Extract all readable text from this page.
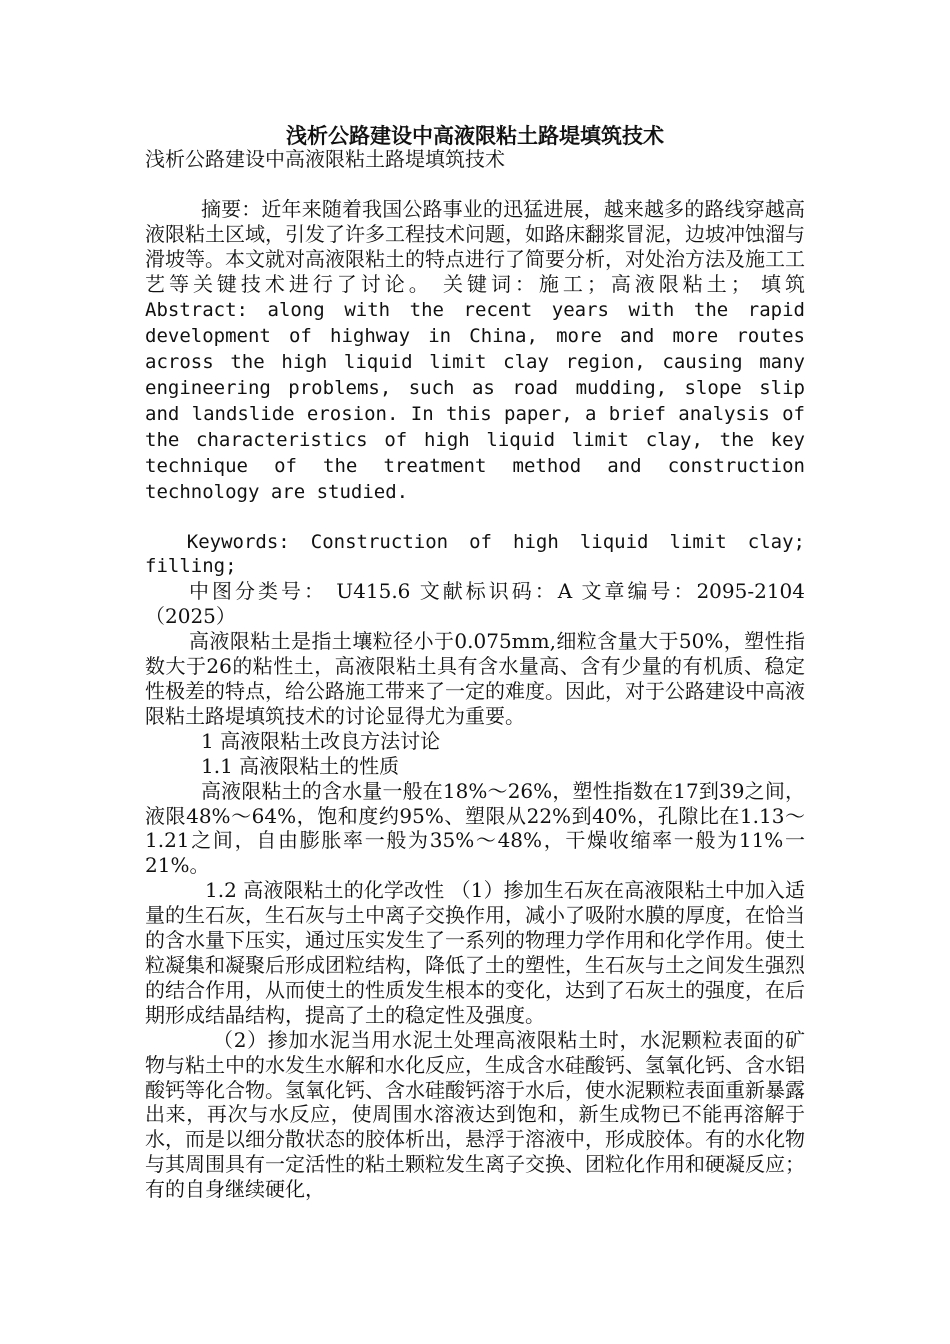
浅析公路建设中高液限粘土路堤填筑技术

浅析公路建设中高液限粘土路堤填筑技术

摘要：近年来随着我国公路事业的迅猛进展，越来越多的路线穿越高液限粘土区域，引发了许多工程技术问题，如路床翻浆冒泥，边坡冲蚀溜与滑坡等。本文就对高液限粘土的特点进行了简要分析，对处治方法及施工工艺等关键技术进行了讨论。 关键词：施工；高液限粘土； 填筑 Abstract: along with the recent years with the rapid development of highway in China, more and more routes across the high liquid limit clay region, causing many engineering problems, such as road mudding, slope slip and landslide erosion. In this paper, a brief analysis of the characteristics of high liquid limit clay, the key technique of the treatment method and construction technology are studied.

Keywords: Construction of high liquid limit clay; filling;

中图分类号： U415.6 文献标识码：A 文章编号：2095-2104（2025）

高液限粘土是指土壤粒径小于0.075mm,细粒含量大于50%，塑性指数大于26的粘性土，高液限粘土具有含水量高、含有少量的有机质、稳定性极差的特点，给公路施工带来了一定的难度。因此，对于公路建设中高液限粘土路堤填筑技术的讨论显得尤为重要。

1 高液限粘土改良方法讨论

1.1 高液限粘土的性质

高液限粘土的含水量一般在18%～26%，塑性指数在17到39之间，液限48%～64%，饱和度约95%、塑限从22%到40%，孔隙比在1.13～1.21之间，自由膨胀率一般为35%～48%，干燥收缩率一般为11%一21%。

1.2 高液限粘土的化学改性 （1）掺加生石灰在高液限粘土中加入适量的生石灰，生石灰与土中离子交换作用，减小了吸附水膜的厚度，在恰当的含水量下压实，通过压实发生了一系列的物理力学作用和化学作用。使土粒凝集和凝聚后形成团粒结构，降低了土的塑性，生石灰与土之间发生强烈的结合作用，从而使土的性质发生根本的变化，达到了石灰土的强度，在后期形成结晶结构，提高了土的稳定性及强度。

（2）掺加水泥当用水泥土处理高液限粘土时，水泥颗粒表面的矿物与粘土中的水发生水解和水化反应，生成含水硅酸钙、氢氧化钙、含水铝酸钙等化合物。氢氧化钙、含水硅酸钙溶于水后，使水泥颗粒表面重新暴露出来，再次与水反应，使周围水溶液达到饱和，新生成物已不能再溶解于水，而是以细分散状态的胶体析出，悬浮于溶液中，形成胶体。有的水化物与其周围具有一定活性的粘土颗粒发生离子交换、团粒化作用和硬凝反应；有的自身继续硬化，
